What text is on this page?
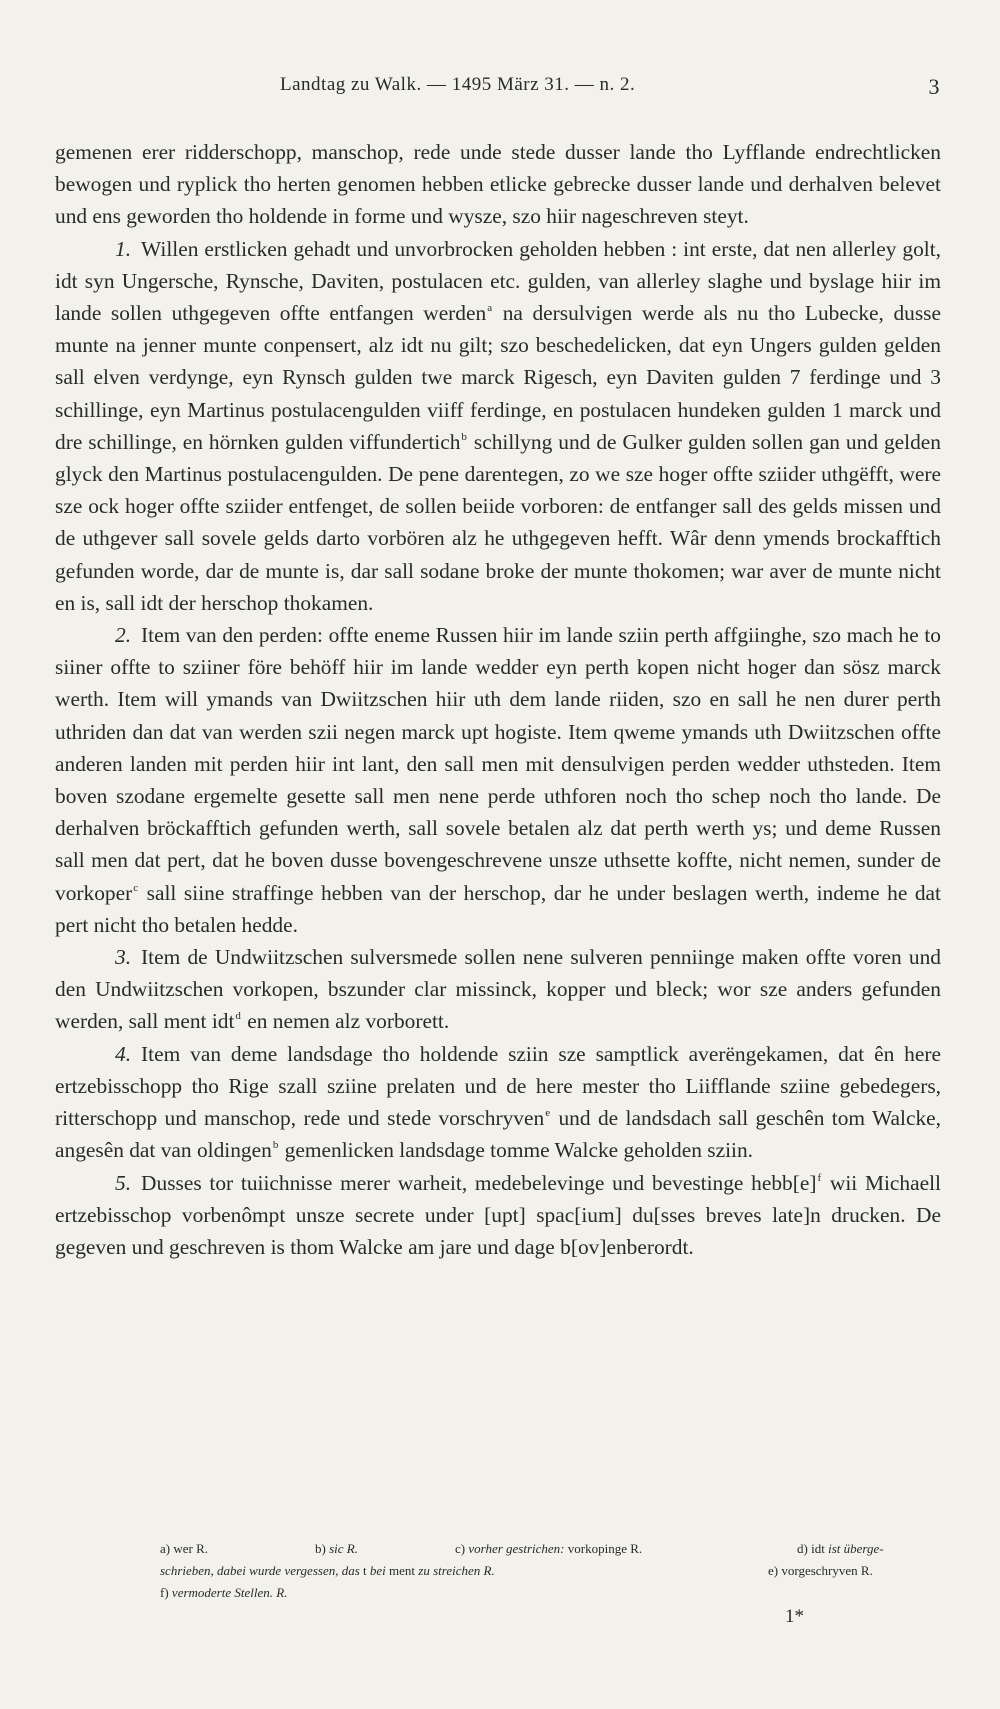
Landtag zu Walk. — 1495 März 31. — n. 2.	3

gemenen erer ridderschopp, manschop, rede unde stede dusser lande tho Lyfflande endrechtlicken bewogen und ryplick tho herten genomen hebben etlicke gebrecke dusser lande und derhalven belevet und ens geworden tho holdende in forme und wysze, szo hiir nageschreven steyt.

1. Willen erstlicken gehadt und unvorbrocken geholden hebben : int erste, dat nen allerley golt, idt syn Ungersche, Rynsche, Daviten, postulacen etc. gulden, van allerley slaghe und byslage hiir im lande sollen uthgegeven offte entfangen werden$^a$ na dersulvigen werde als nu tho Lubecke, dusse munte na jenner munte conpensert, alz idt nu gilt; szo beschedelicken, dat eyn Ungers gulden gelden sall elven verdynge, eyn Rynsch gulden twe marck Rigesch, eyn Daviten gulden 7 ferdinge und 3 schillinge, eyn Martinus postulacengulden viiff ferdinge, en postulacen hundeken gulden 1 marck und dre schillinge, en hörnken gulden viffundertich$^b$ schillyng und de Gulker gulden sollen gan und gelden glyck den Martinus postulacengulden. De pene darentegen, zo we sze hoger offte sziider uthgëfft, were sze ock hoger offte sziider entfenget, de sollen beiide vorboren: de entfanger sall des gelds missen und de uthgever sall sovele gelds darto vorbören alz he uthgegeven hefft. Wâr denn ymends brockafftich gefunden worde, dar de munte is, dar sall sodane broke der munte thokomen; war aver de munte nicht en is, sall idt der herschop thokamen.

2. Item van den perden: offte eneme Russen hiir im lande sziin perth affgiinghe, szo mach he to siiner offte to sziiner före behöff hiir im lande wedder eyn perth kopen nicht hoger dan sösz marck werth. Item will ymands van Dwiitzschen hiir uth dem lande riiden, szo en sall he nen durer perth uthriden dan dat van werden szii negen marck upt hogiste. Item qweme ymands uth Dwiitzschen offte anderen landen mit perden hiir int lant, den sall men mit densulvigen perden wedder uthsteden. Item boven szodane ergemelte gesette sall men nene perde uthforen noch tho schep noch tho lande. De derhalven bröckafftich gefunden werth, sall sovele betalen alz dat perth werth ys; und deme Russen sall men dat pert, dat he boven dusse bovengeschrevene unsze uthsette koffte, nicht nemen, sunder de vorkoper$^c$ sall siine straffinge hebben van der herschop, dar he under beslagen werth, indeme he dat pert nicht tho betalen hedde.

3. Item de Undwiitzschen sulversmede sollen nene sulveren penniinge maken offte voren und den Undwiitzschen vorkopen, bszunder clar missinck, kopper und bleck; wor sze anders gefunden werden, sall ment idt$^d$ en nemen alz vorborett.

4. Item van deme landsdage tho holdende sziin sze samptlick averëngekamen, dat ên here ertzebisschopp tho Rige szall sziine prelaten und de here mester tho Liifflande sziine gebedegers, ritterschopp und manschop, rede und stede vorschryven$^e$ und de landsdach sall geschên tom Walcke, angesên dat van oldingen$^b$ gemenlicken landsdage tomme Walcke geholden sziin.

5. Dusses tor tuiichnisse merer warheit, medebelevinge und bevestinge $hebb[e]^f$ wii Michaell ertzebisschop vorbenômpt unsze secrete under [upt] spac[ium] du[sses breves late]n drucken. De gegeven und geschreven is thom Walcke am jare und dage b[ov]enberordt.

a) wer R.	b) sic R.	c) vorher gestrichen: vorkopinge R.	d) idt ist überge-
schrieben, dabei wurde vergessen, das t bei ment zu streichen R.	e) vorgeschryven R.
f) vermoderte Stellen. R.
1*
